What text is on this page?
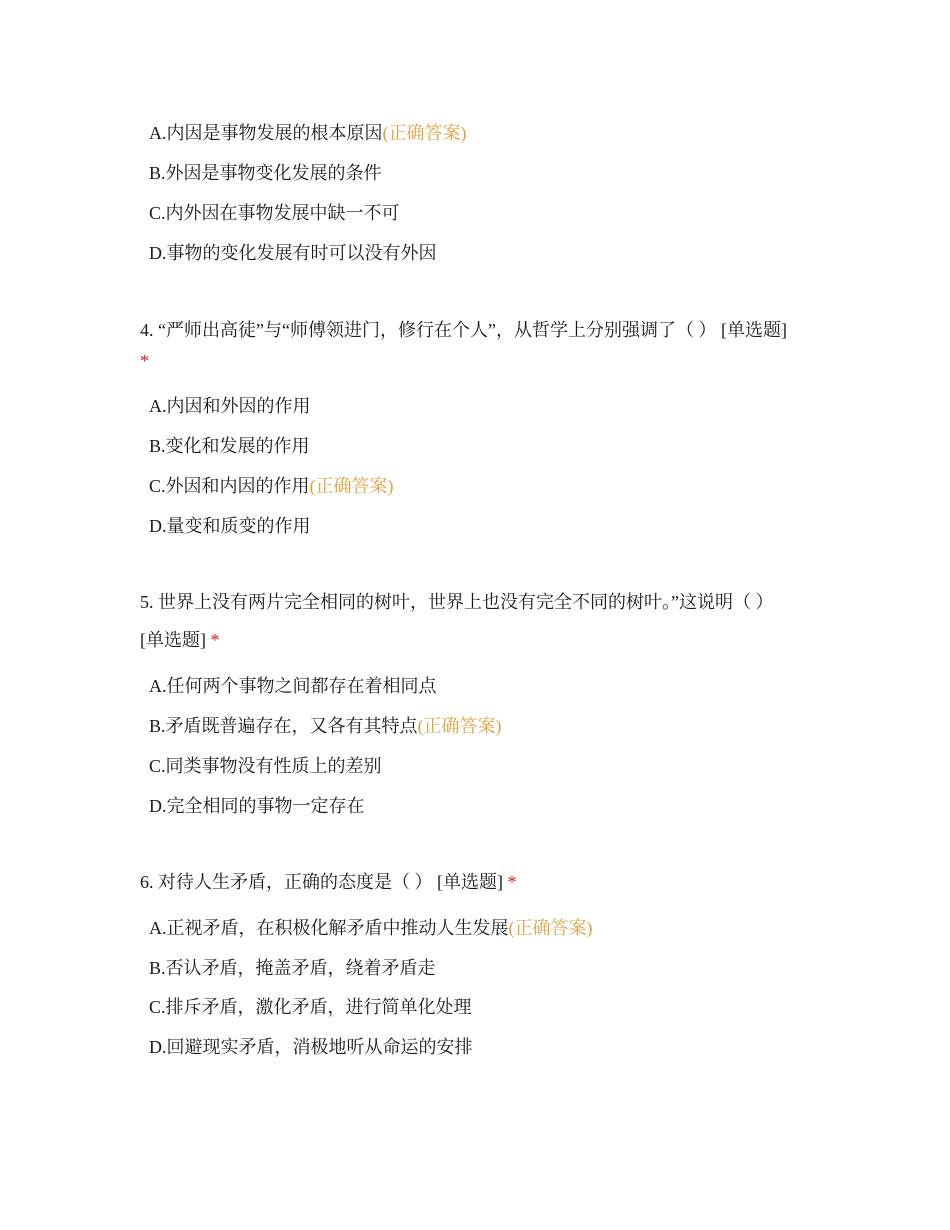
A.内因是事物发展的根本原因(正确答案)
B.外因是事物变化发展的条件
C.内外因在事物发展中缺一不可
D.事物的变化发展有时可以没有外因
4. “严师出高徒”与“师傅领进门，修行在个人”，从哲学上分别强调了（ ） [单选题]
*
A.内因和外因的作用
B.变化和发展的作用
C.外因和内因的作用(正确答案)
D.量变和质变的作用
5. 世界上没有两片完全相同的树叶，世界上也没有完全不同的树叶。”这说明（ ）
[单选题] *
A.任何两个事物之间都存在着相同点
B.矛盾既普遍存在，又各有其特点(正确答案)
C.同类事物没有性质上的差别
D.完全相同的事物一定存在
6. 对待人生矛盾，正确的态度是（ ） [单选题] *
A.正视矛盾，在积极化解矛盾中推动人生发展(正确答案)
B.否认矛盾，掩盖矛盾，绕着矛盾走
C.排斥矛盾，激化矛盾，进行简单化处理
D.回避现实矛盾，消极地听从命运的安排
